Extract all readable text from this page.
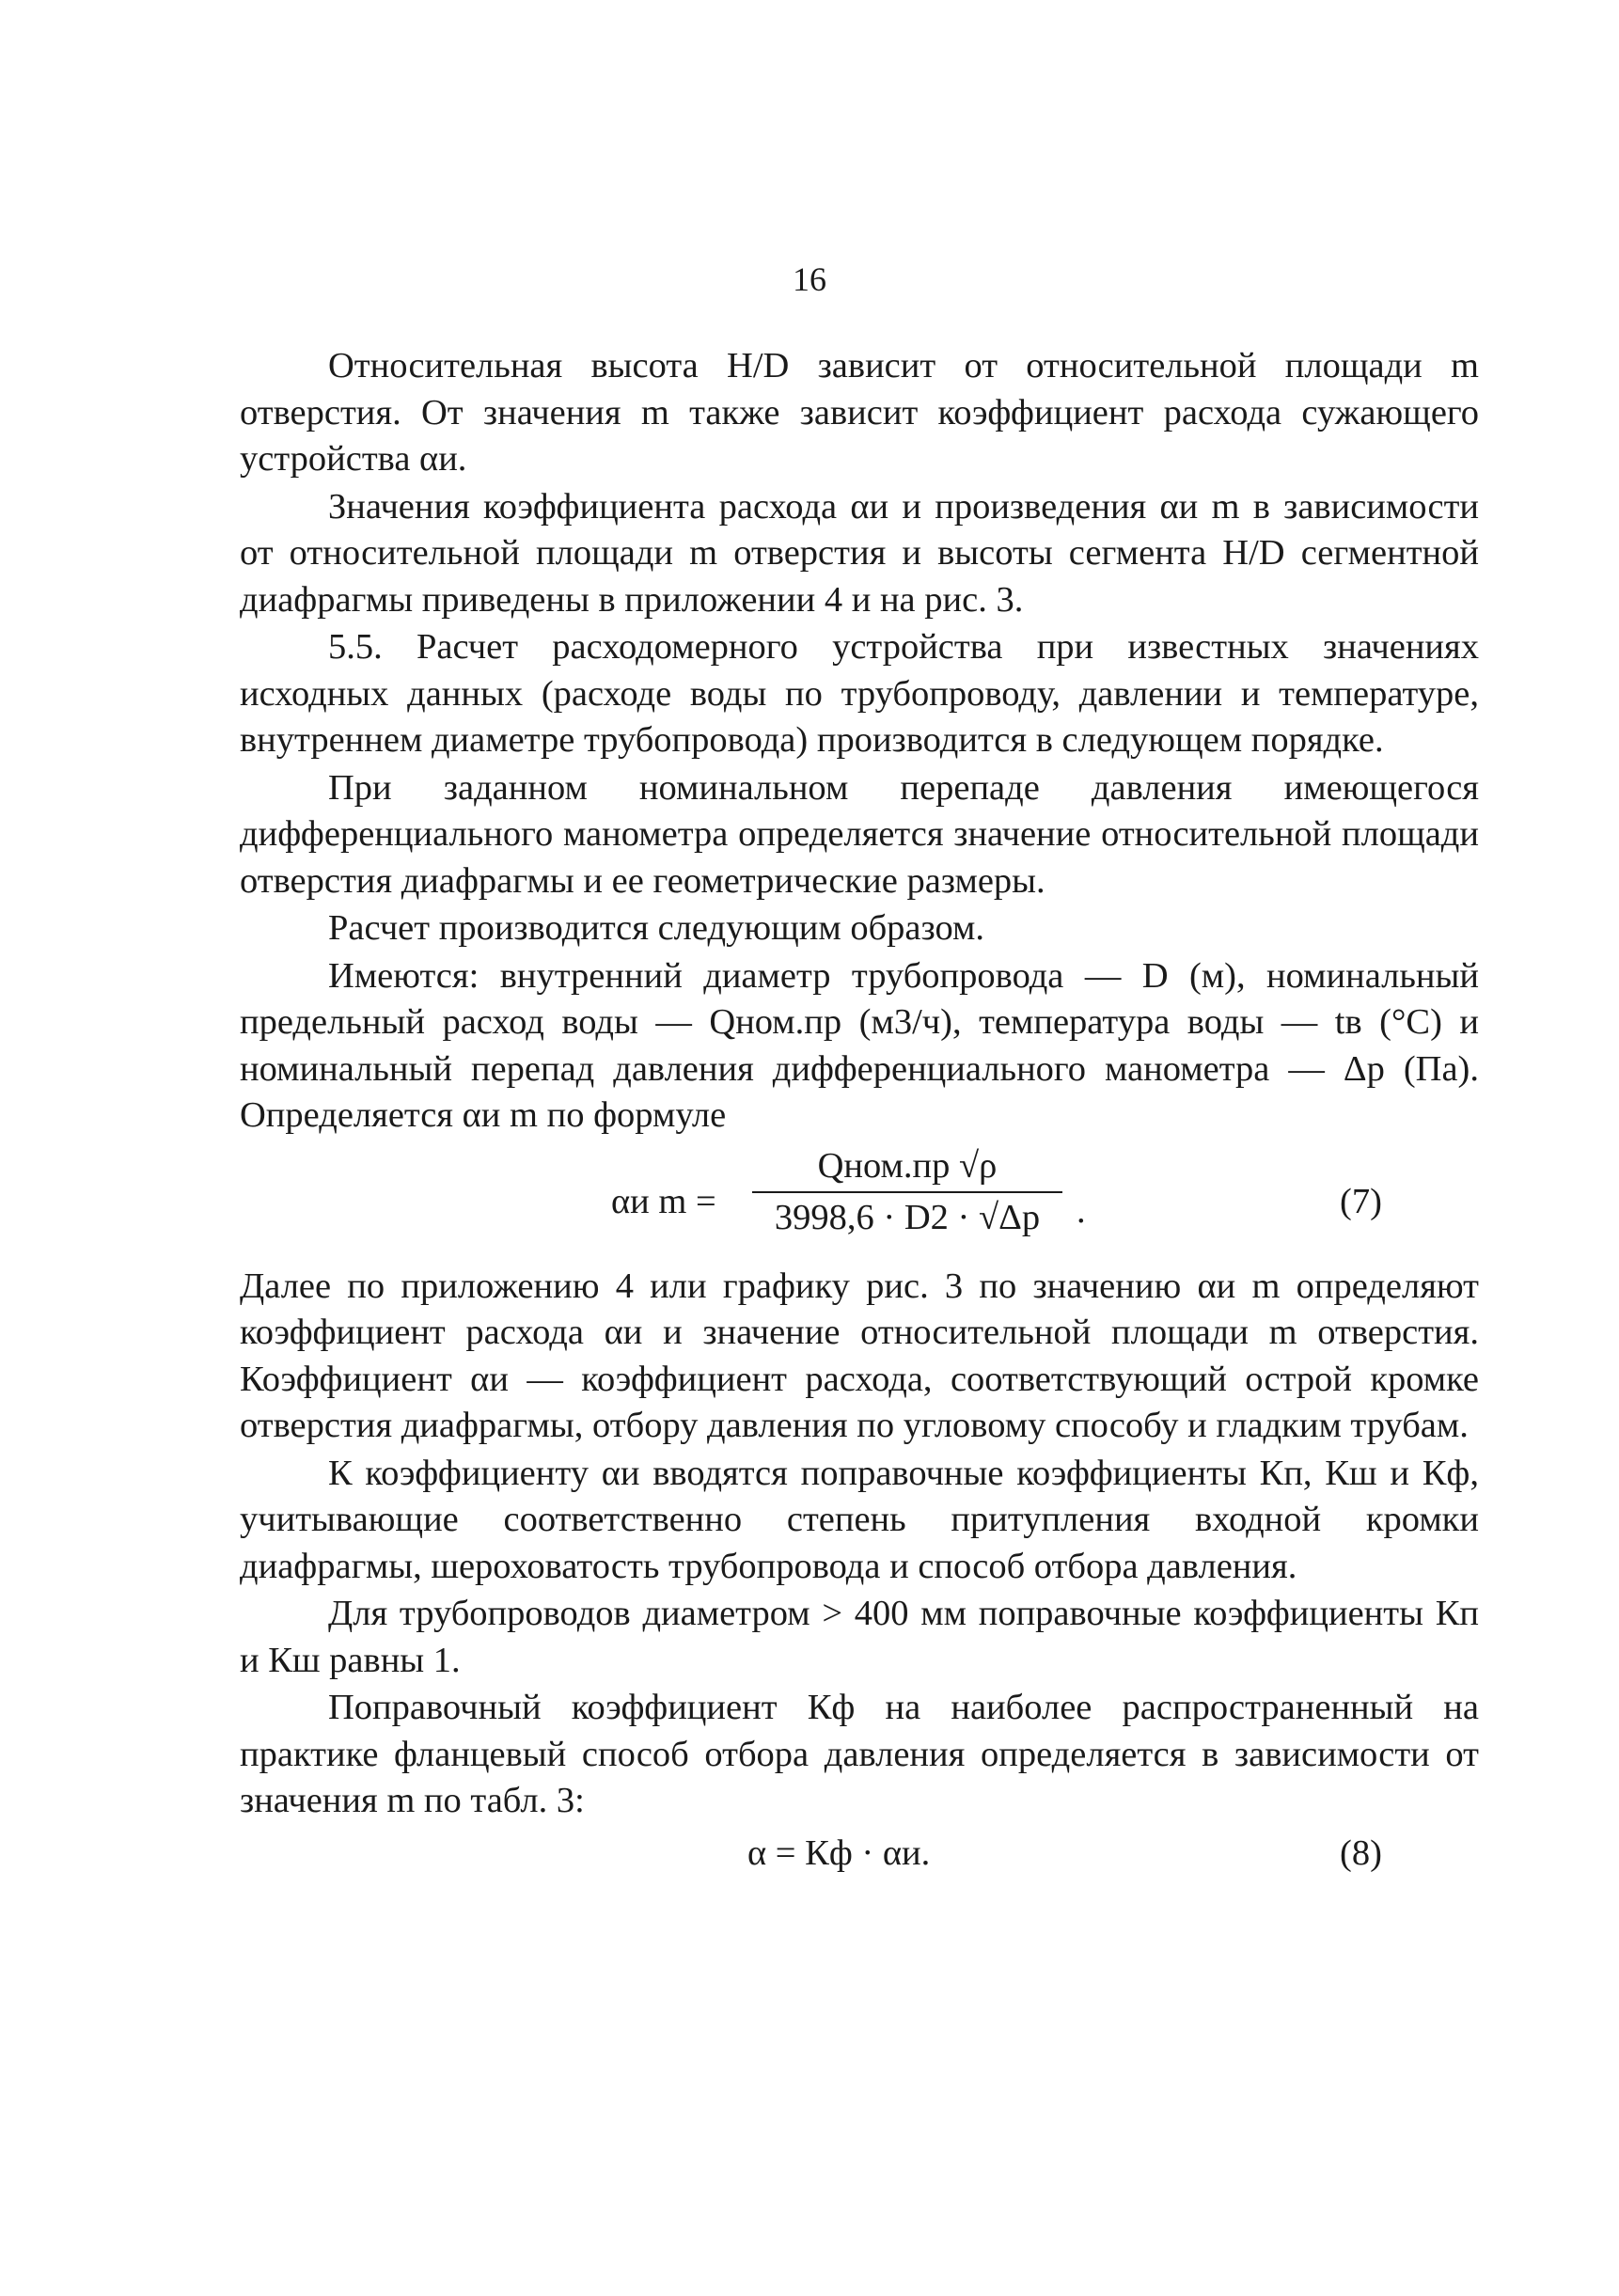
16

Относительная высота H/D зависит от относительной площади m отверстия. От значения m также зависит коэффициент расхода сужающего устройства αи.

Значения коэффициента расхода αи и произведения αи m в зависимости от относительной площади m отверстия и высоты сегмента H/D сегментной диафрагмы приведены в приложении 4 и на рис. 3.

5.5. Расчет расходомерного устройства при известных значениях исходных данных (расходе воды по трубопроводу, давлении и температуре, внутреннем диаметре трубопровода) производится в следующем порядке.

При заданном номинальном перепаде давления имеющегося дифференциального манометра определяется значение относительной площади отверстия диафрагмы и ее геометрические размеры.

Расчет производится следующим образом.

Имеются: внутренний диаметр трубопровода — D (м), номинальный предельный расход воды — Qном.пр (м3/ч), температура воды — tв (°С) и номинальный перепад давления дифференциального манометра — Δp (Па). Определяется αи m по формуле

αи m =
Qном.пр √ρ
3998,6 · D2 · √Δp	.	(7)

Далее по приложению 4 или графику рис. 3 по значению αи m определяют коэффициент расхода αи и значение относительной площади m отверстия. Коэффициент αи — коэффициент расхода, соответствующий острой кромке отверстия диафрагмы, отбору давления по угловому способу и гладким трубам.

К коэффициенту αи вводятся поправочные коэффициенты Кп, Кш и Кф, учитывающие соответственно степень притупления входной кромки диафрагмы, шероховатость трубопровода и способ отбора давления.

Для трубопроводов диаметром > 400 мм поправочные коэффициенты Кп и Кш равны 1.

Поправочный коэффициент Кф на наиболее распространенный на практике фланцевый способ отбора давления определяется в зависимости от значения m по табл. 3:

α = Кф · αи.	(8)
